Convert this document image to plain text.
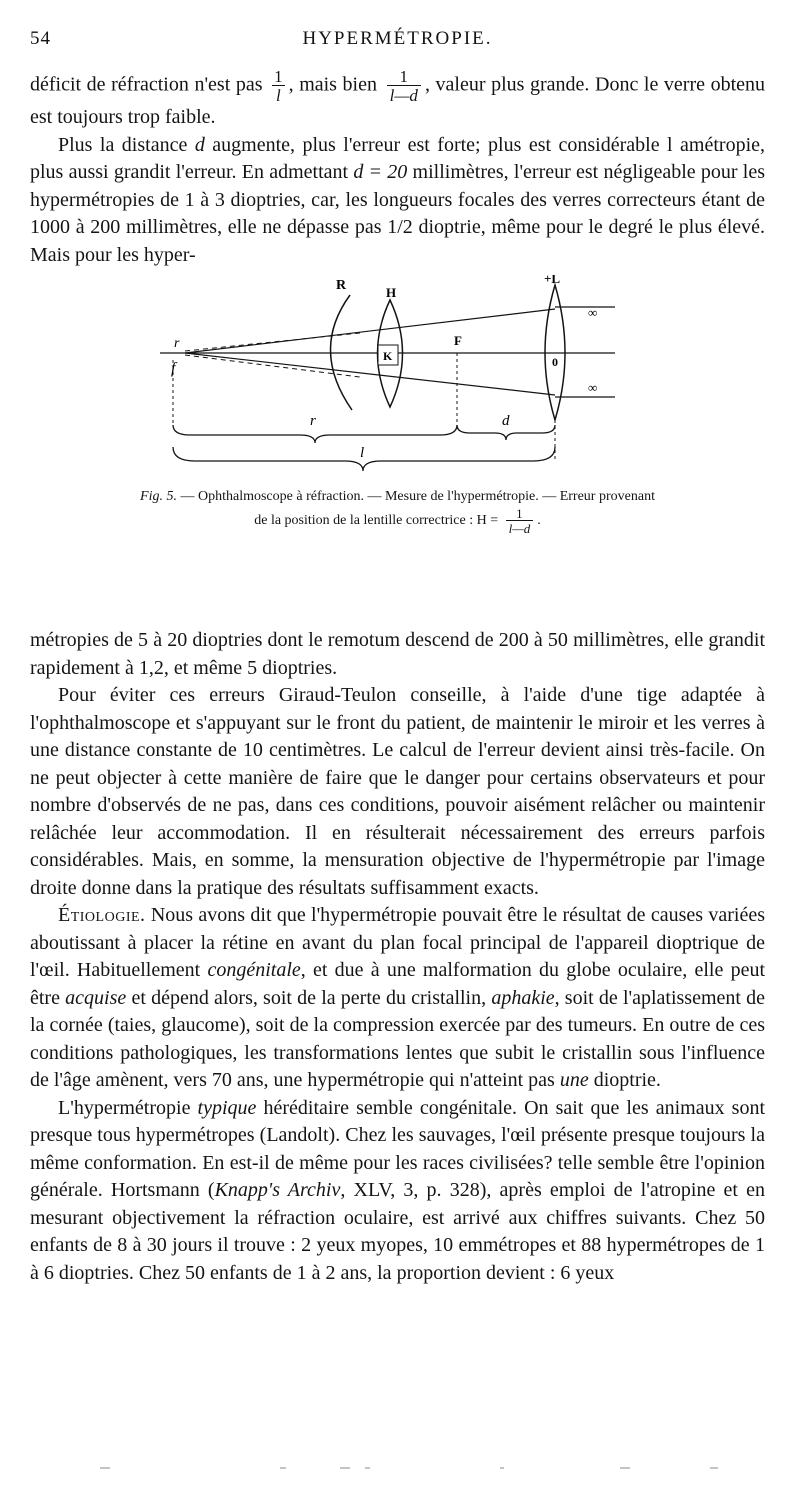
54	HYPERMÉTROPIE.

déficit de réfraction n'est pas $\frac{1}{l}$ , mais bien $\frac{1}{l—d}$ , valeur plus grande. Donc le verre obtenu est toujours trop faible.

Plus la distance d augmente, plus l'erreur est forte; plus est considérable l amétropie, plus aussi grandit l'erreur. En admettant d = 20 millimètres, l'erreur est négligeable pour les hypermétropies de 1 à 3 dioptries, car, les longueurs focales des verres correcteurs étant de 1000 à 200 millimètres, elle ne dépasse pas 1/2 dioptrie, même pour le degré le plus élevé. Mais pour les hyper-

R	H
+L
r
f
F
K	0
∞
∞
r	d
l
Fig. 5. — Ophthalmoscope à réfraction. — Mesure de l'hypermétropie. — Erreur provenant
de la position de la lentille correctrice : $H = \frac{1}{l—d}$ .

métropies de 5 à 20 dioptries dont le remotum descend de 200 à 50 millimètres, elle grandit rapidement à 1,2, et même 5 dioptries.

Pour éviter ces erreurs Giraud-Teulon conseille, à l'aide d'une tige adaptée à l'ophthalmoscope et s'appuyant sur le front du patient, de maintenir le miroir et les verres à une distance constante de 10 centimètres. Le calcul de l'erreur devient ainsi très-facile. On ne peut objecter à cette manière de faire que le danger pour certains observateurs et pour nombre d'observés de ne pas, dans ces conditions, pouvoir aisément relâcher ou maintenir relâchée leur accommodation. Il en résulterait nécessairement des erreurs parfois considérables. Mais, en somme, la mensuration objective de l'hypermétropie par l'image droite donne dans la pratique des résultats suffisamment exacts.

Étiologie. Nous avons dit que l'hypermétropie pouvait être le résultat de causes variées aboutissant à placer la rétine en avant du plan focal principal de l'appareil dioptrique de l'œil. Habituellement congénitale, et due à une malformation du globe oculaire, elle peut être acquise et dépend alors, soit de la perte du cristallin, aphakie, soit de l'aplatissement de la cornée (taies, glaucome), soit de la compression exercée par des tumeurs. En outre de ces conditions pathologiques, les transformations lentes que subit le cristallin sous l'influence de l'âge amènent, vers 70 ans, une hypermétropie qui n'atteint pas une dioptrie.

L'hypermétropie typique héréditaire semble congénitale. On sait que les animaux sont presque tous hypermétropes (Landolt). Chez les sauvages, l'œil présente presque toujours la même conformation. En est-il de même pour les races civilisées? telle semble être l'opinion générale. Hortsmann (Knapp's Archiv, XLV, 3, p. 328), après emploi de l'atropine et en mesurant objectivement la réfraction oculaire, est arrivé aux chiffres suivants. Chez 50 enfants de 8 à 30 jours il trouve : 2 yeux myopes, 10 emmétropes et 88 hypermétropes de 1 à 6 dioptries. Chez 50 enfants de 1 à 2 ans, la proportion devient : 6 yeux
